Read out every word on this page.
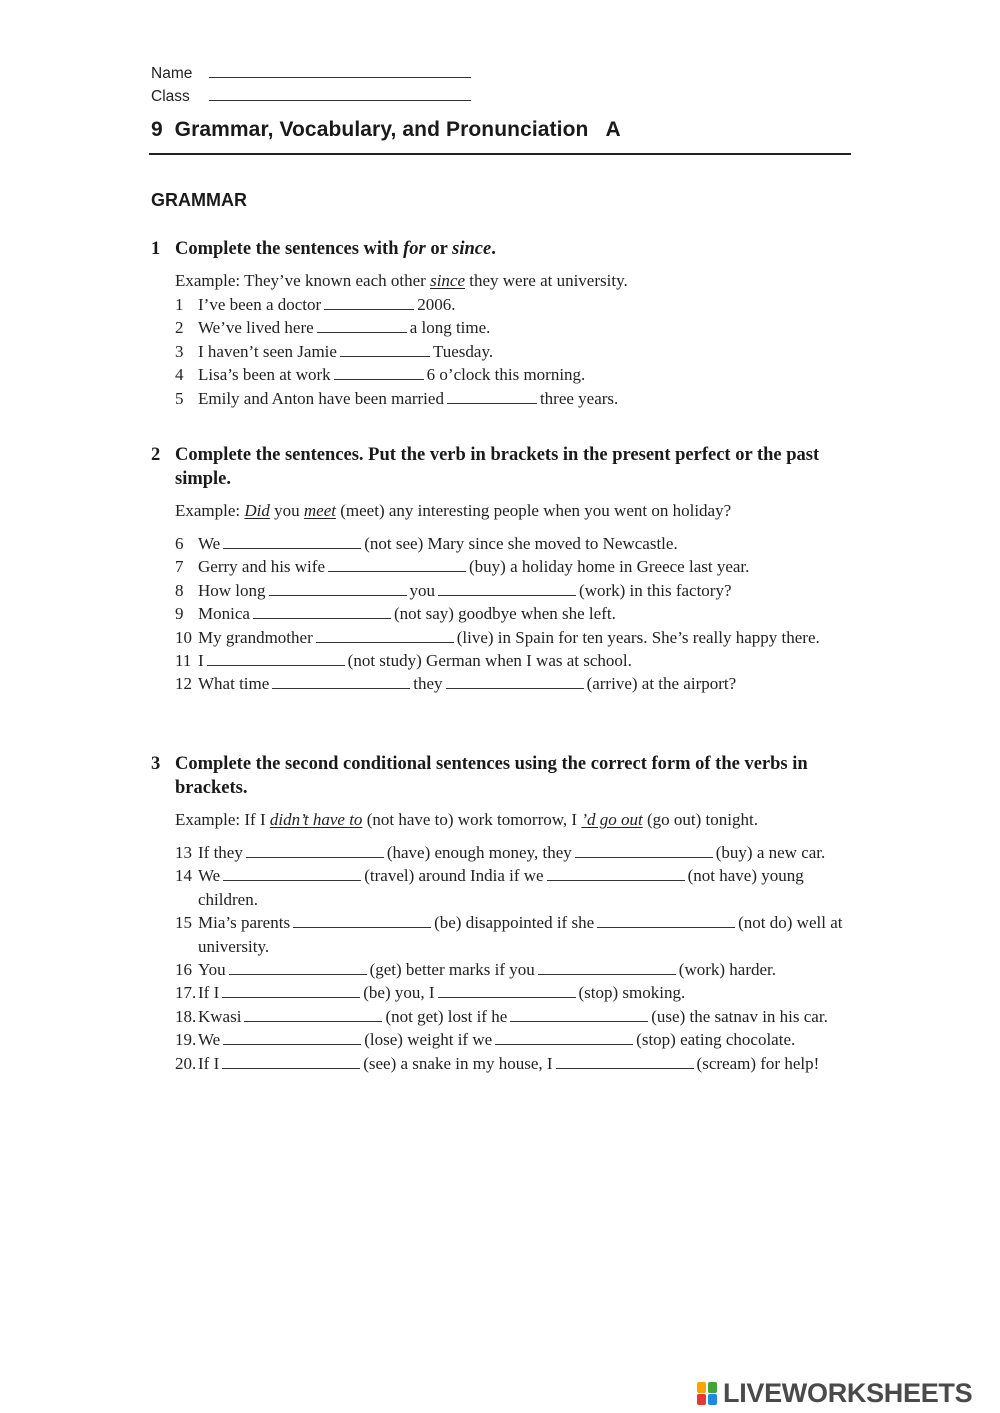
Name
Class
9  Grammar, Vocabulary, and Pronunciation   A
GRAMMAR
1 Complete the sentences with for or since.
Example: They’ve known each other since they were at university.
1 I’ve been a doctor	2006.
2 We’ve lived here	a long time.
3 I haven’t seen Jamie	Tuesday.
4 Lisa’s been at work	6 o’clock this morning.
5 Emily and Anton have been married	three years.
2 Complete the sentences. Put the verb in brackets in the present perfect or the past simple.
Example: Did you meet (meet) any interesting people when you went on holiday?
6 We	(not see) Mary since she moved to Newcastle.
7 Gerry and his wife	(buy) a holiday home in Greece last year.
8 How long	you	(work) in this factory?
9 Monica	(not say) goodbye when she left.
10 My grandmother	(live) in Spain for ten years. She’s really happy there.
11 I	(not study) German when I was at school.
12 What time	they	(arrive) at the airport?
3 Complete the second conditional sentences using the correct form of the verbs in brackets.
Example: If I didn’t have to (not have to) work tomorrow, I ’d go out (go out) tonight.
13 If they	(have) enough money, they	(buy) a new car.
14 We	(travel) around India if we	(not have) young children.
15 Mia’s parents	(be) disappointed if she	(not do) well at university.
16 You	(get) better marks if you	(work) harder.
17. If I	(be) you, I	(stop) smoking.
18. Kwasi	(not get) lost if he	(use) the satnav in his car.
19. We	(lose) weight if we	(stop) eating chocolate.
20. If I	(see) a snake in my house, I	(scream) for help!
LIVEWORKSHEETS
